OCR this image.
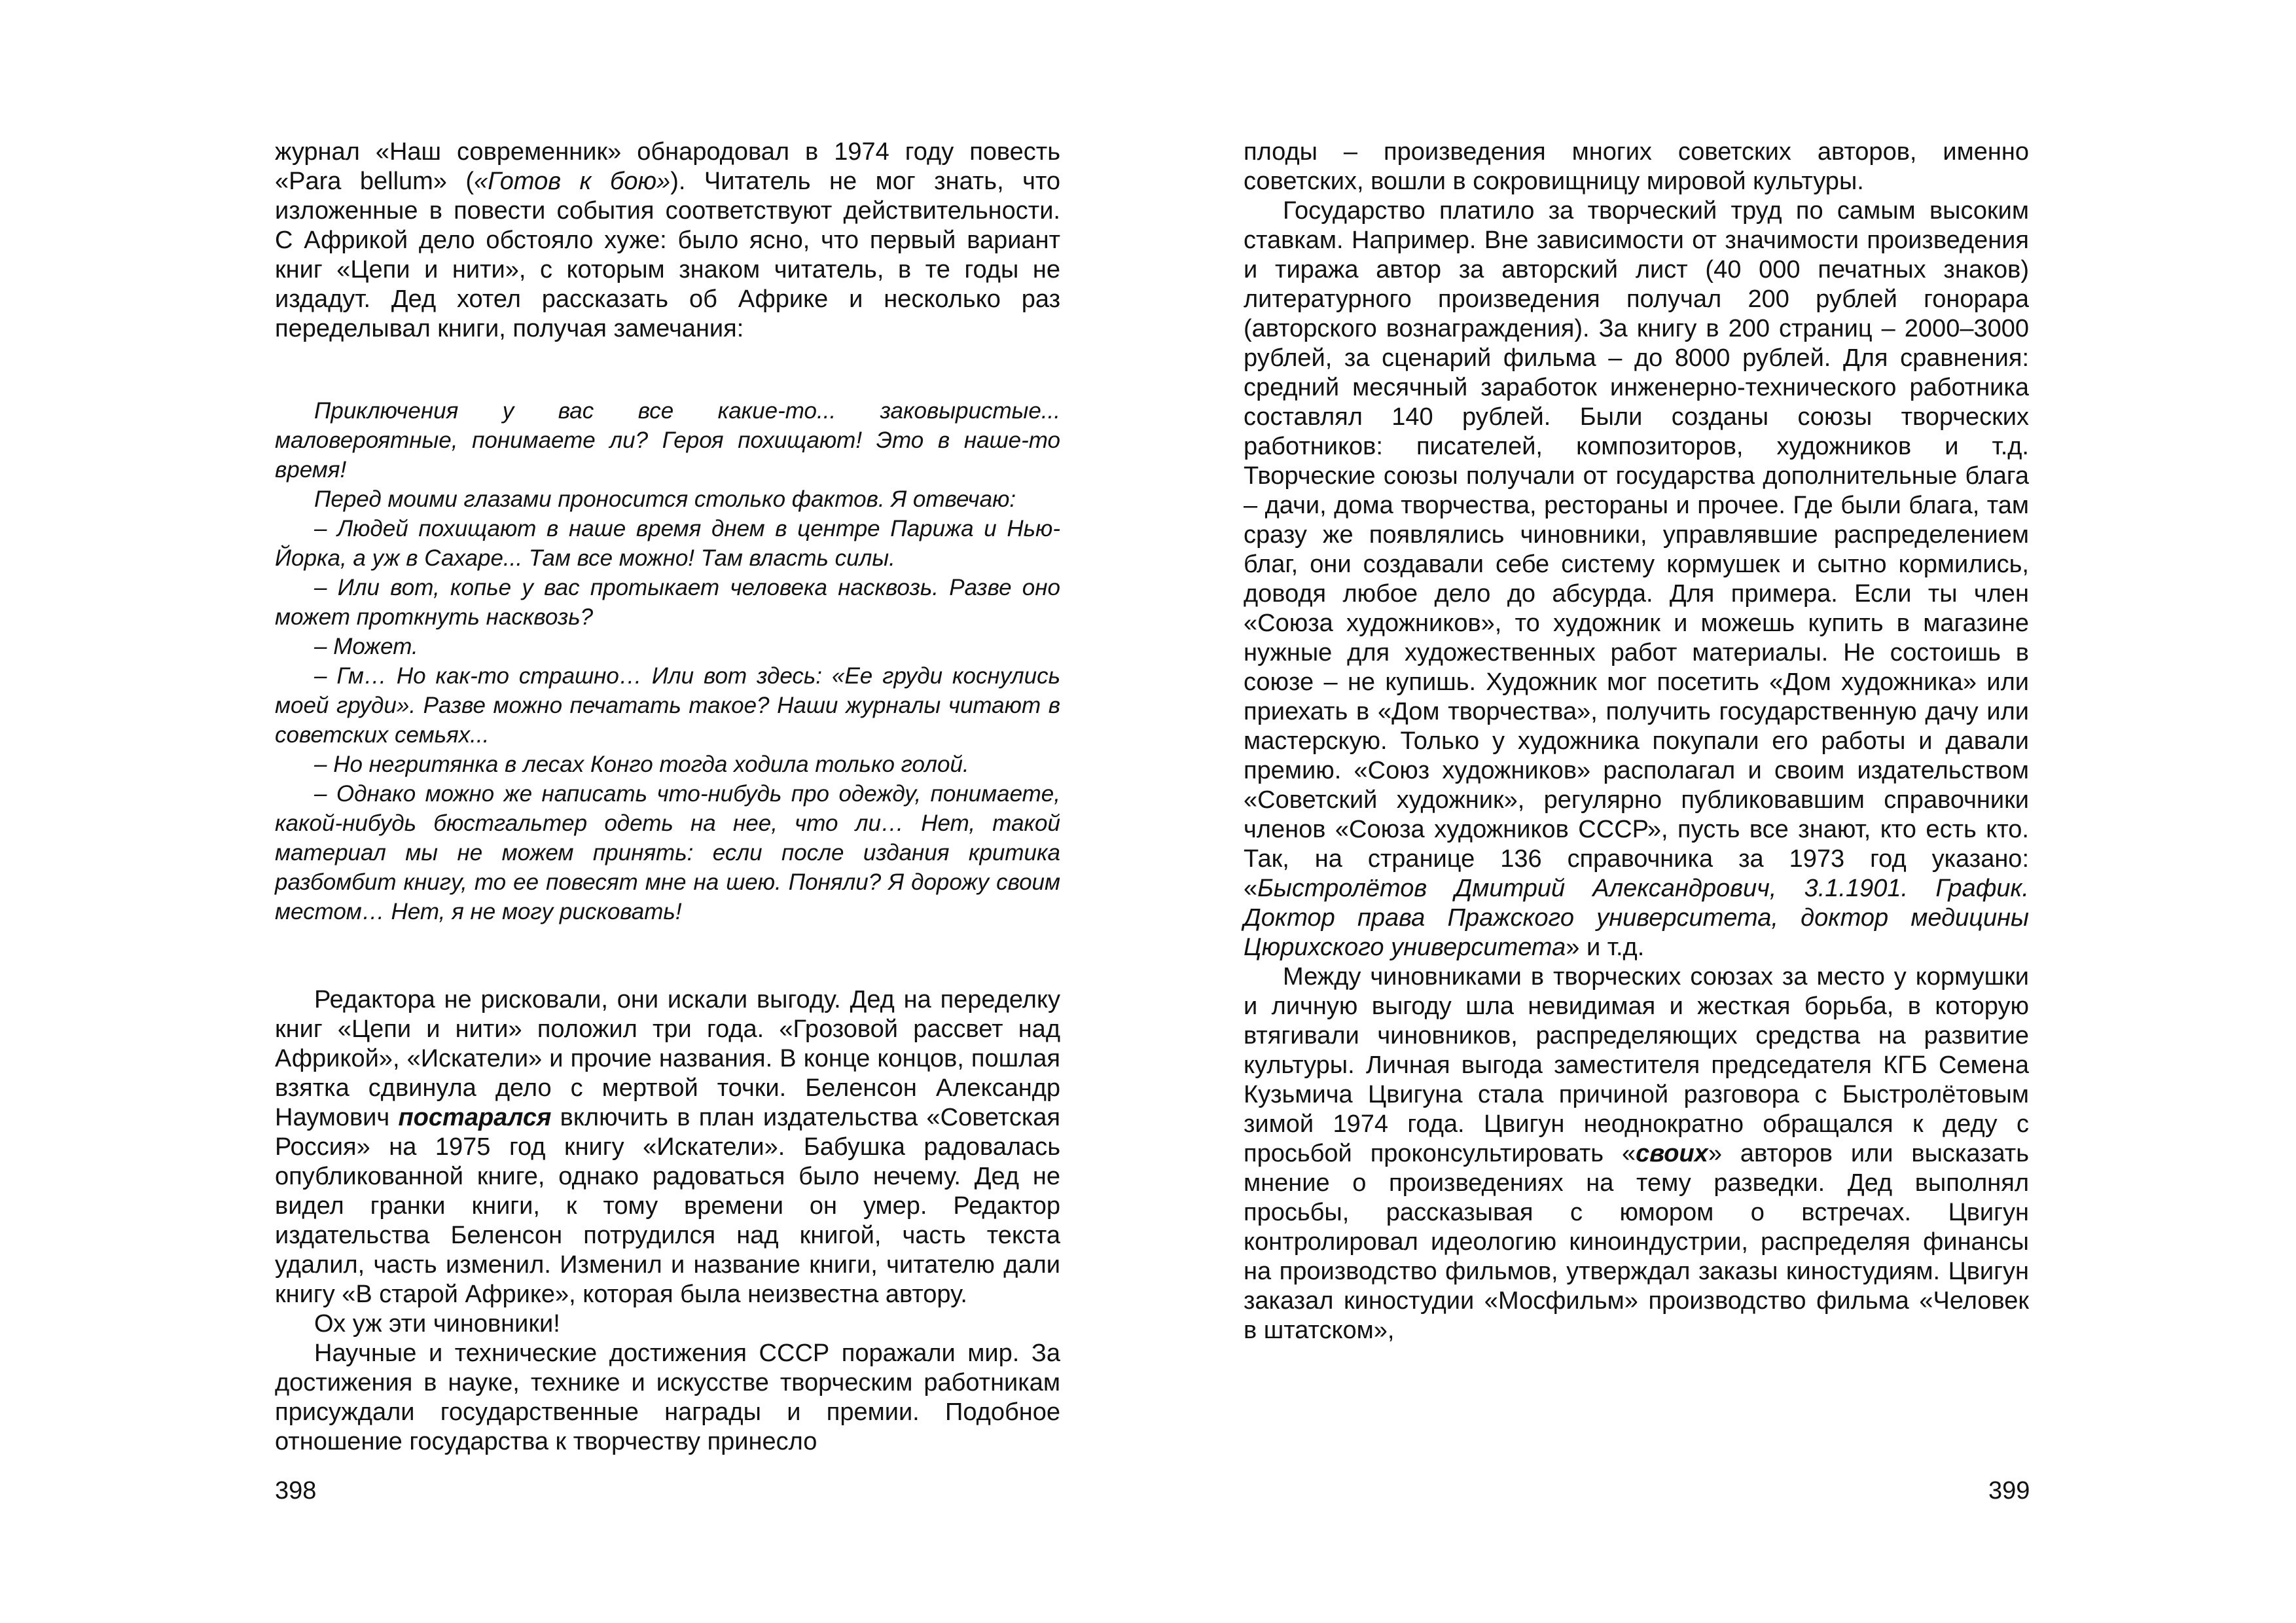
журнал «Наш современник» обнародовал в 1974 году повесть «Para bellum» («Готов к бою»). Читатель не мог знать, что изложенные в повести события соответствуют действительности. С Африкой дело обстояло хуже: было ясно, что первый вариант книг «Цепи и нити», с которым знаком читатель, в те годы не издадут. Дед хотел рассказать об Африке и несколько раз переделывал книги, получая замечания:

Приключения у вас все какие-то... заковыристые... маловероятные, понимаете ли? Героя похищают! Это в наше-то время!

Перед моими глазами проносится столько фактов. Я отвечаю:

– Людей похищают в наше время днем в центре Парижа и Нью-Йорка, а уж в Сахаре... Там все можно! Там власть силы.

– Или вот, копье у вас протыкает человека насквозь. Разве оно может проткнуть насквозь?

– Может.

– Гм… Но как-то страшно… Или вот здесь: «Ее груди коснулись моей груди». Разве можно печатать такое? Наши журналы читают в советских семьях...

– Но негритянка в лесах Конго тогда ходила только голой.

– Однако можно же написать что-нибудь про одежду, понимаете, какой-нибудь бюстгальтер одеть на нее, что ли… Нет, такой материал мы не можем принять: если после издания критика разбомбит книгу, то ее повесят мне на шею. Поняли? Я дорожу своим местом… Нет, я не могу рисковать!

Редактора не рисковали, они искали выгоду. Дед на переделку книг «Цепи и нити» положил три года. «Грозовой рассвет над Африкой», «Искатели» и прочие названия. В конце концов, пошлая взятка сдвинула дело с мертвой точки. Беленсон Александр Наумович постарался включить в план издательства «Советская Россия» на 1975 год книгу «Искатели». Бабушка радовалась опубликованной книге, однако радоваться было нечему. Дед не видел гранки книги, к тому времени он умер. Редактор издательства Беленсон потрудился над книгой, часть текста удалил, часть изменил. Изменил и название книги, читателю дали книгу «В старой Африке», которая была неизвестна автору.

Ох уж эти чиновники!

Научные и технические достижения СССР поражали мир. За достижения в науке, технике и искусстве творческим работникам присуждали государственные награды и премии. Подобное отношение государства к творчеству принесло

398

плоды – произведения многих советских авторов, именно советских, вошли в сокровищницу мировой культуры.

Государство платило за творческий труд по самым высоким ставкам. Например. Вне зависимости от значимости произведения и тиража автор за авторский лист (40 000 печатных знаков) литературного произведения получал 200 рублей гонорара (авторского вознаграждения). За книгу в 200 страниц – 2000–3000 рублей, за сценарий фильма – до 8000 рублей. Для сравнения: средний месячный заработок инженерно-технического работника составлял 140 рублей. Были созданы союзы творческих работников: писателей, композиторов, художников и т.д. Творческие союзы получали от государства дополнительные блага – дачи, дома творчества, рестораны и прочее. Где были блага, там сразу же появлялись чиновники, управлявшие распределением благ, они создавали себе систему кормушек и сытно кормились, доводя любое дело до абсурда. Для примера. Если ты член «Союза художников», то художник и можешь купить в магазине нужные для художественных работ материалы. Не состоишь в союзе – не купишь. Художник мог посетить «Дом художника» или приехать в «Дом творчества», получить государственную дачу или мастерскую. Только у художника покупали его работы и давали премию. «Союз художников» располагал и своим издательством «Советский художник», регулярно публиковавшим справочники членов «Союза художников СССР», пусть все знают, кто есть кто. Так, на странице 136 справочника за 1973 год указано: «Быстролётов Дмитрий Александрович, 3.1.1901. График. Доктор права Пражского университета, доктор медицины Цюрихского университета» и т.д.

Между чиновниками в творческих союзах за место у кормушки и личную выгоду шла невидимая и жесткая борьба, в которую втягивали чиновников, распределяющих средства на развитие культуры. Личная выгода заместителя председателя КГБ Семена Кузьмича Цвигуна стала причиной разговора с Быстролётовым зимой 1974 года. Цвигун неоднократно обращался к деду с просьбой проконсультировать «своих» авторов или высказать мнение о произведениях на тему разведки. Дед выполнял просьбы, рассказывая с юмором о встречах. Цвигун контролировал идеологию киноиндустрии, распределяя финансы на производство фильмов, утверждал заказы киностудиям. Цвигун заказал киностудии «Мосфильм» производство фильма «Человек в штатском»,

399
